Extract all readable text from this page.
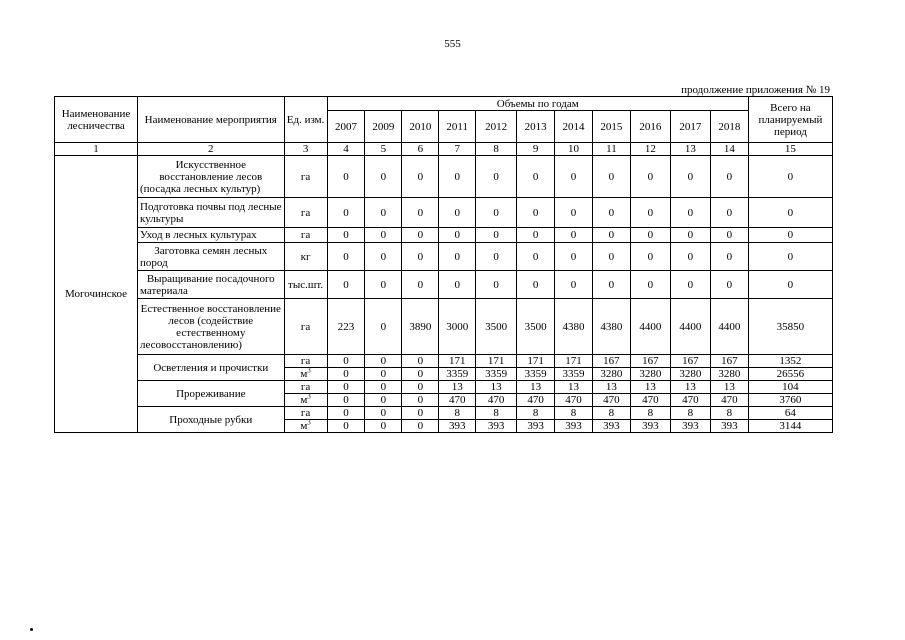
555
продолжение приложения № 19
Наименование лесничества	Наименование мероприятия	Ед. изм.	Объемы по годам											Всего на планируемый период
			2007	2009	2010	2011	2012	2013	2014	2015	2016	2017	2018	
1	2	3	4	5	6	7	8	9	10	11	12	13	14	15
Могочинское	Искусственное восстановление лесов (посадка лесных культур)	га	0	0	0	0	0	0	0	0	0	0	0	0
	Подготовка почвы под лесные культуры	га	0	0	0	0	0	0	0	0	0	0	0	0
	Уход в лесных культурах	га	0	0	0	0	0	0	0	0	0	0	0	0
	Заготовка семян лесных пород	кг	0	0	0	0	0	0	0	0	0	0	0	0
	Выращивание посадочного материала	тыс.шт.	0	0	0	0	0	0	0	0	0	0	0	0
	Естественное восстановление лесов (содействие естественному лесовосстановлению)	га	223	0	3890	3000	3500	3500	4380	4380	4400	4400	4400	35850
	Осветления и прочистки	га	0	0	0	171	171	171	171	167	167	167	167	1352
		$м^3$	0	0	0	3359	3359	3359	3359	3280	3280	3280	3280	26556
	Прореживание	га	0	0	0	13	13	13	13	13	13	13	13	104
		$м^3$	0	0	0	470	470	470	470	470	470	470	470	3760
	Проходные рубки	га	0	0	0	8	8	8	8	8	8	8	8	64
		$м^3$	0	0	0	393	393	393	393	393	393	393	393	3144
